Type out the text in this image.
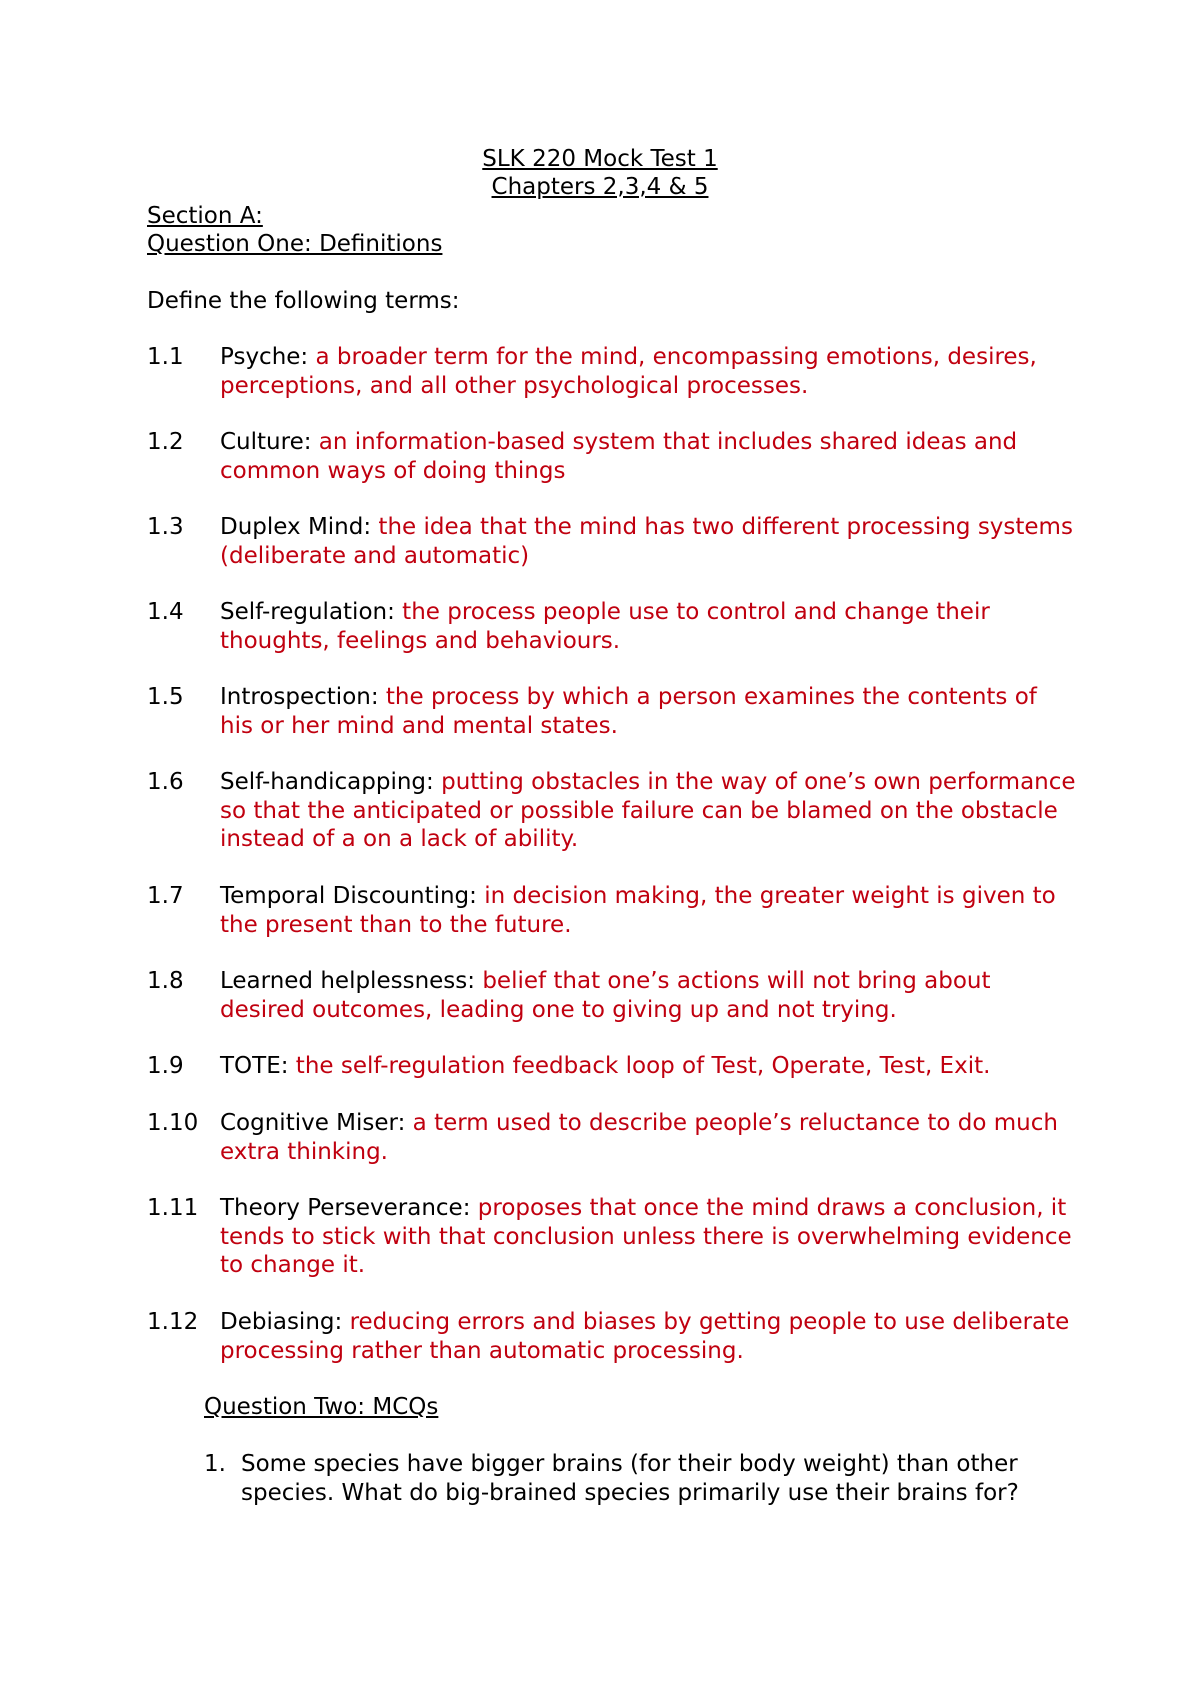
SLK 220 Mock Test 1
Chapters 2,3,4 & 5
Section A:
Question One: Definitions
Define the following terms:
1.1 Psyche: a broader term for the mind, encompassing emotions, desires, perceptions, and all other psychological processes.
1.2 Culture: an information-based system that includes shared ideas and common ways of doing things
1.3 Duplex Mind: the idea that the mind has two different processing systems (deliberate and automatic)
1.4 Self-regulation: the process people use to control and change their thoughts, feelings and behaviours.
1.5 Introspection: the process by which a person examines the contents of his or her mind and mental states.
1.6 Self-handicapping: putting obstacles in the way of one’s own performance so that the anticipated or possible failure can be blamed on the obstacle instead of a on a lack of ability.
1.7 Temporal Discounting: in decision making, the greater weight is given to the present than to the future.
1.8 Learned helplessness: belief that one’s actions will not bring about desired outcomes, leading one to giving up and not trying.
1.9 TOTE: the self-regulation feedback loop of Test, Operate, Test, Exit.
1.10 Cognitive Miser: a term used to describe people’s reluctance to do much extra thinking.
1.11 Theory Perseverance: proposes that once the mind draws a conclusion, it tends to stick with that conclusion unless there is overwhelming evidence to change it.
1.12 Debiasing: reducing errors and biases by getting people to use deliberate processing rather than automatic processing.
Question Two: MCQs
1. Some species have bigger brains (for their body weight) than other species. What do big-brained species primarily use their brains for?
